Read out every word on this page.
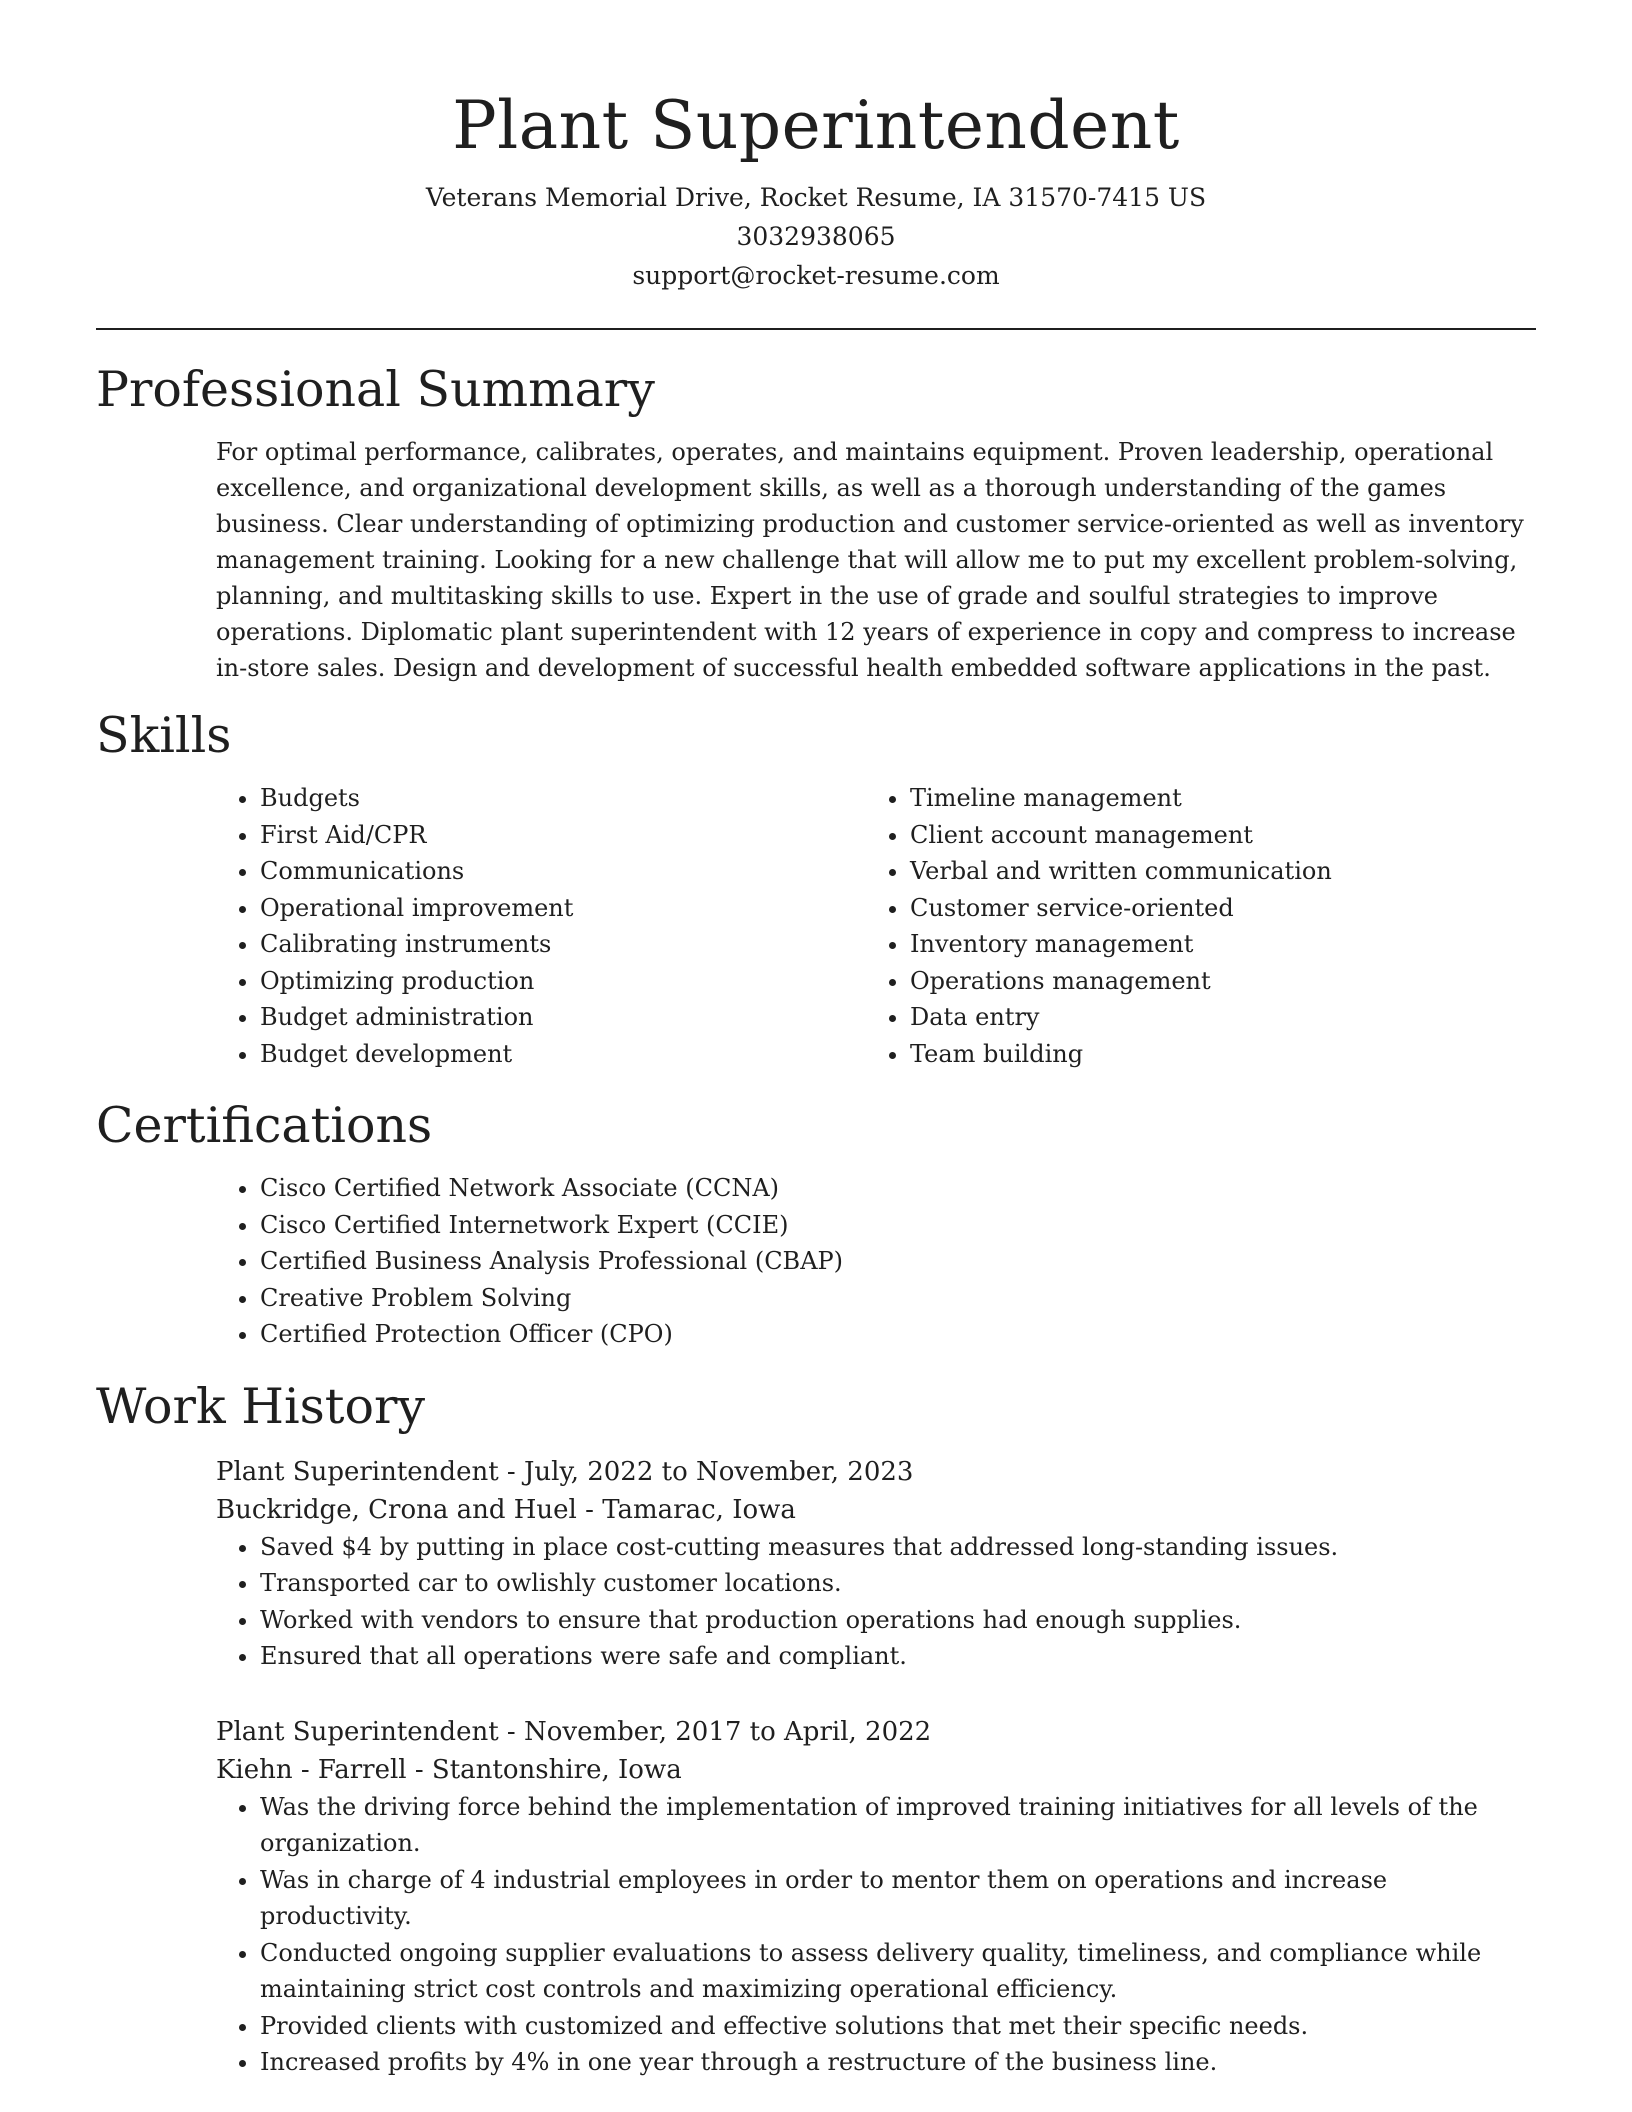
Plant Superintendent
Veterans Memorial Drive, Rocket Resume, IA 31570-7415 US
3032938065
support@rocket-resume.com
Professional Summary

For optimal performance, calibrates, operates, and maintains equipment. Proven leadership, operational excellence, and organizational development skills, as well as a thorough understanding of the games business. Clear understanding of optimizing production and customer service-oriented as well as inventory management training. Looking for a new challenge that will allow me to put my excellent problem-solving, planning, and multitasking skills to use. Expert in the use of grade and soulful strategies to improve operations. Diplomatic plant superintendent with 12 years of experience in copy and compress to increase in-store sales. Design and development of successful health embedded software applications in the past.

Skills
• Budgets
• First Aid/CPR
• Communications
• Operational improvement
• Calibrating instruments
• Optimizing production
• Budget administration
• Budget development
• Timeline management
• Client account management
• Verbal and written communication
• Customer service-oriented
• Inventory management
• Operations management
• Data entry
• Team building
Certifications
• Cisco Certified Network Associate (CCNA)
• Cisco Certified Internetwork Expert (CCIE)
• Certified Business Analysis Professional (CBAP)
• Creative Problem Solving
• Certified Protection Officer (CPO)
Work History
Plant Superintendent - July, 2022 to November, 2023
Buckridge, Crona and Huel - Tamarac, Iowa
• Saved $4 by putting in place cost-cutting measures that addressed long-standing issues.
• Transported car to owlishly customer locations.
• Worked with vendors to ensure that production operations had enough supplies.
• Ensured that all operations were safe and compliant.
Plant Superintendent - November, 2017 to April, 2022
Kiehn - Farrell - Stantonshire, Iowa
• Was the driving force behind the implementation of improved training initiatives for all levels of the organization.
• Was in charge of 4 industrial employees in order to mentor them on operations and increase productivity.
• Conducted ongoing supplier evaluations to assess delivery quality, timeliness, and compliance while maintaining strict cost controls and maximizing operational efficiency.
• Provided clients with customized and effective solutions that met their specific needs.
• Increased profits by 4% in one year through a restructure of the business line.
